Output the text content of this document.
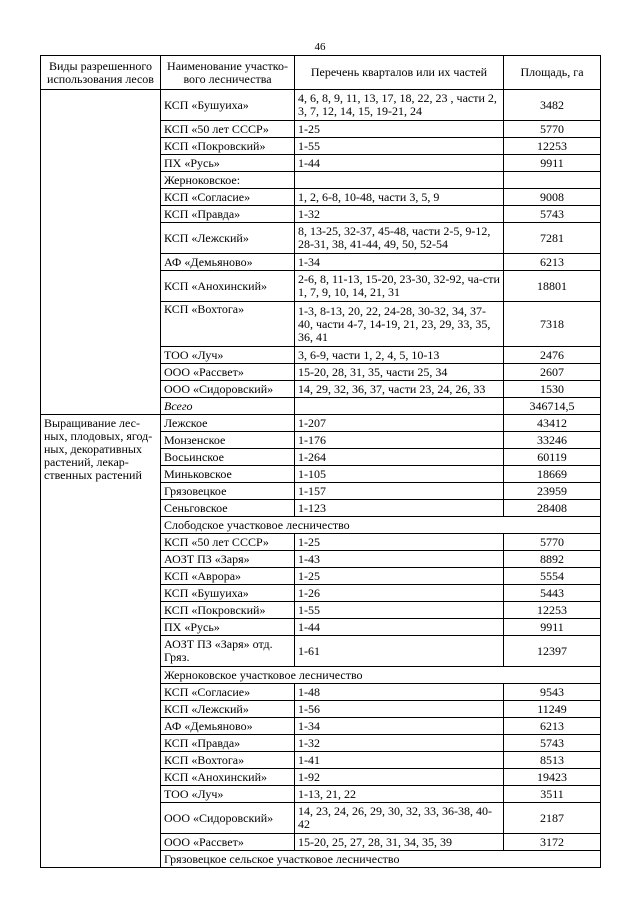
46
Виды разрешенного использования лесов	Наименование участко-вого лесничества	Перечень кварталов или их частей	Площадь, га
	КСП «Бушуиха»	4, 6, 8, 9, 11, 13, 17, 18, 22, 23 , части 2, 3, 7, 12, 14, 15, 19-21, 24	3482
	КСП «50 лет СССР»	1-25	5770
	КСП «Покровский»	1-55	12253
	ПХ «Русь»	1-44	9911
	Жерноковское:		
	КСП «Согласие»	1, 2, 6-8, 10-48, части 3, 5, 9	9008
	КСП «Правда»	1-32	5743
	КСП «Лежский»	8, 13-25, 32-37, 45-48, части 2-5, 9-12, 28-31, 38, 41-44, 49, 50, 52-54	7281
	АФ «Демьяново»	1-34	6213
	КСП «Анохинский»	2-6, 8, 11-13, 15-20, 23-30, 32-92, ча-сти 1, 7, 9, 10, 14, 21, 31	18801
	КСП «Вохтога»	1-3, 8-13, 20, 22, 24-28, 30-32, 34, 37-40, части 4-7, 14-19, 21, 23, 29, 33, 35, 36, 41	7318
	ТОО «Луч»	3, 6-9, части 1, 2, 4, 5, 10-13	2476
	ООО «Рассвет»	15-20, 28, 31, 35, части 25, 34	2607
	ООО «Сидоровский»	14, 29, 32, 36, 37, части 23, 24, 26, 33	1530
	Всего		346714,5
Выращивание лес-ных, плодовых, ягод-ных, декоративных растений, лекар-ственных растений	Лежское	1-207	43412
	Монзенское	1-176	33246
	Восьинское	1-264	60119
	Миньковское	1-105	18669
	Грязовецкое	1-157	23959
	Сеньговское	1-123	28408
	Слободское участковое лесничество		
	КСП «50 лет СССР»	1-25	5770
	АОЗТ ПЗ «Заря»	1-43	8892
	КСП «Аврора»	1-25	5554
	КСП «Бушуиха»	1-26	5443
	КСП «Покровский»	1-55	12253
	ПХ «Русь»	1-44	9911
	АОЗТ ПЗ «Заря» отд. Гряз.	1-61	12397
	Жерноковское участковое лесничество		
	КСП «Согласие»	1-48	9543
	КСП «Лежский»	1-56	11249
	АФ «Демьяново»	1-34	6213
	КСП «Правда»	1-32	5743
	КСП «Вохтога»	1-41	8513
	КСП «Анохинский»	1-92	19423
	ТОО «Луч»	1-13, 21, 22	3511
	ООО «Сидоровский»	14, 23, 24, 26, 29, 30, 32, 33, 36-38, 40-42	2187
	ООО «Рассвет»	15-20, 25, 27, 28, 31, 34, 35, 39	3172
	Грязовецкое сельское участковое лесничество		
